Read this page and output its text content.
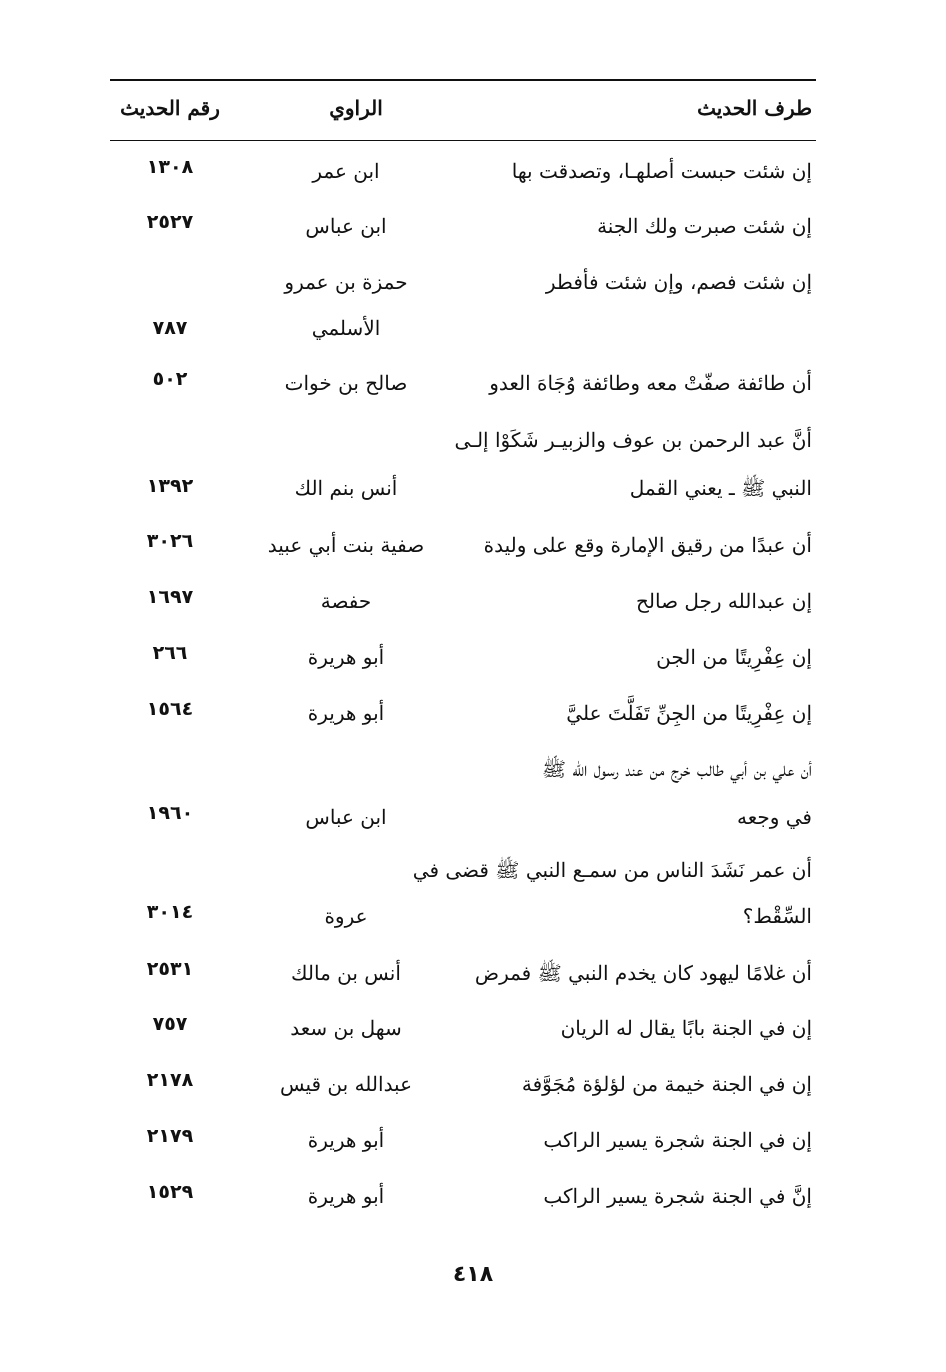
طرف الحديث
الراوي
رقم الحديث
إن شئت حبست أصلهـا، وتصدقت بها
ابن عمر
١٣٠٨
إن شئت صبرت ولك الجنة
ابن عباس
٢٥٢٧
إن شئت فصم، وإن شئت فأفطر
حمزة بن عمرو
الأسلمي
٧٨٧
أن طائفة صفّتْ معه وطائفة وُجَاهَ العدو
صالح بن خوات
٥٠٢
أنَّ عبد الرحمن بن عوف والزبيـر شَكَوْا إلـى
النبي ﷺ ـ يعني القمل
أنس بنم الك
١٣٩٢
أن عبدًا من رقيق الإمارة وقع على وليدة
صفية بنت أبي عبيد
٣٠٢٦
إن عبدالله رجل صالح
حفصة
١٦٩٧
إن عِفْرِيتًا من الجن
أبو هريرة
٢٦٦
إن عِفْرِيتًا من الجِنِّ تَفَلَّتَ عليَّ
أبو هريرة
١٥٦٤
أن علي بن أبي طالب خرج من عند رسول الله ﷺ
في وجعه
ابن عباس
١٩٦٠
أن عمر نَشَدَ الناس من سمـع النبي ﷺ قضى في
السِّقْط؟
عروة
٣٠١٤
أن غلامًا ليهود كان يخدم النبي ﷺ فمرض
أنس بن مالك
٢٥٣١
إن في الجنة بابًا يقال له الريان
سهل بن سعد
٧٥٧
إن في الجنة خيمة من لؤلؤة مُجَوَّفة
عبدالله بن قيس
٢١٧٨
إن في الجنة شجرة يسير الراكب
أبو هريرة
٢١٧٩
إنَّ في الجنة شجرة يسير الراكب
أبو هريرة
١٥٢٩
٤١٨
